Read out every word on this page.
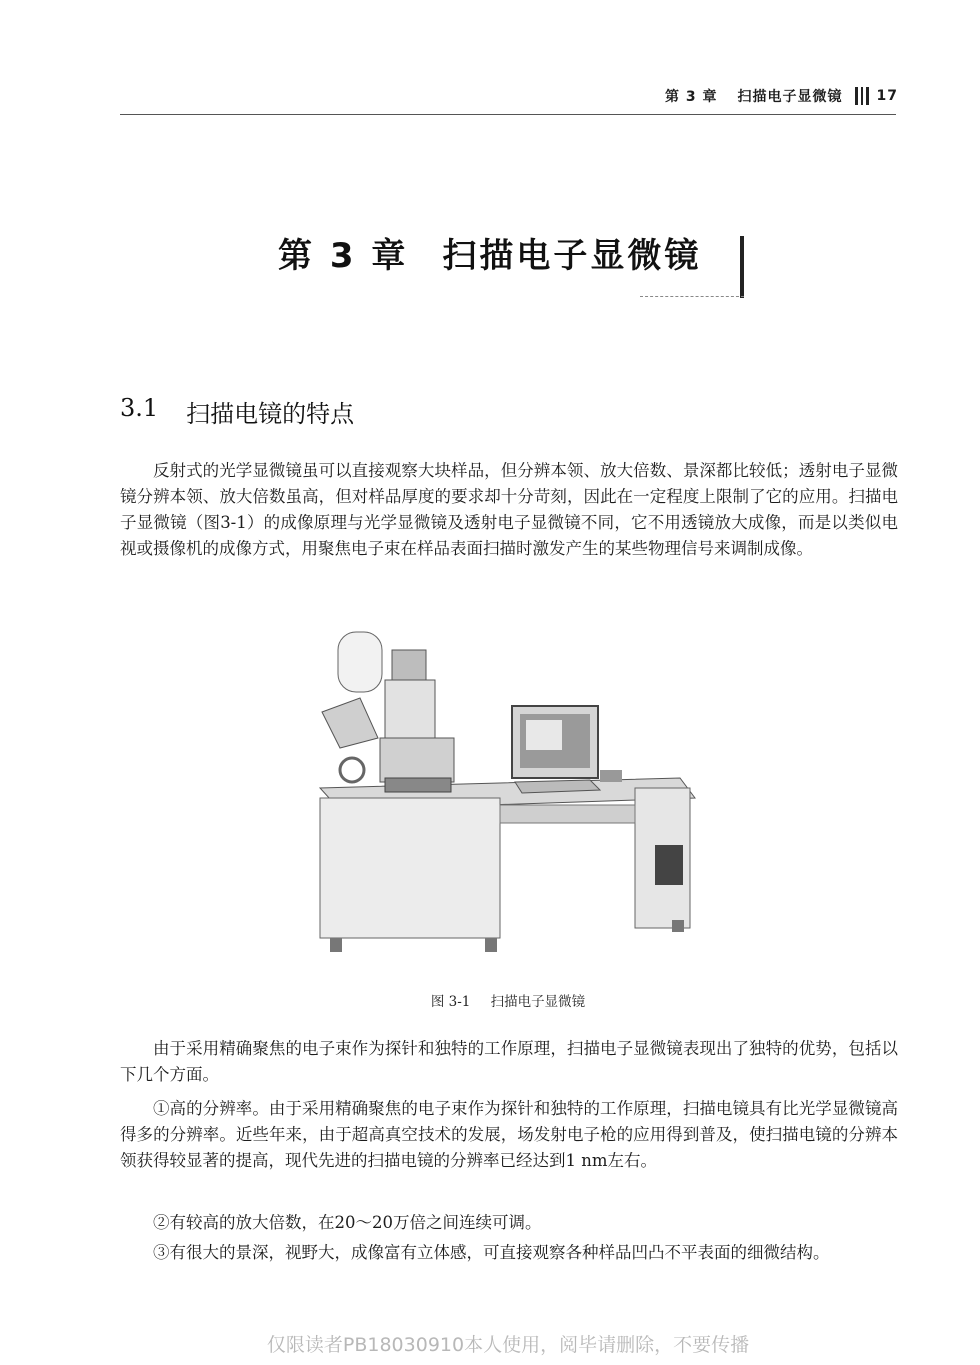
第 3 章 扫描电子显微镜 17
第 3 章 扫描电子显微镜
3.1 扫描电镜的特点

反射式的光学显微镜虽可以直接观察大块样品，但分辨本领、放大倍数、景深都比较低；透射电子显微镜分辨本领、放大倍数虽高，但对样品厚度的要求却十分苛刻，因此在一定程度上限制了它的应用。扫描电子显微镜（图3-1）的成像原理与光学显微镜及透射电子显微镜不同，它不用透镜放大成像，而是以类似电视或摄像机的成像方式，用聚焦电子束在样品表面扫描时激发产生的某些物理信号来调制成像。

图 3-1 扫描电子显微镜

由于采用精确聚焦的电子束作为探针和独特的工作原理，扫描电子显微镜表现出了独特的优势，包括以下几个方面。

①高的分辨率。由于采用精确聚焦的电子束作为探针和独特的工作原理，扫描电镜具有比光学显微镜高得多的分辨率。近些年来，由于超高真空技术的发展，场发射电子枪的应用得到普及，使扫描电镜的分辨本领获得较显著的提高，现代先进的扫描电镜的分辨率已经达到1 nm左右。

②有较高的放大倍数，在20～20万倍之间连续可调。

③有很大的景深，视野大，成像富有立体感，可直接观察各种样品凹凸不平表面的细微结构。

仅限读者PB18030910本人使用，阅毕请删除，不要传播
